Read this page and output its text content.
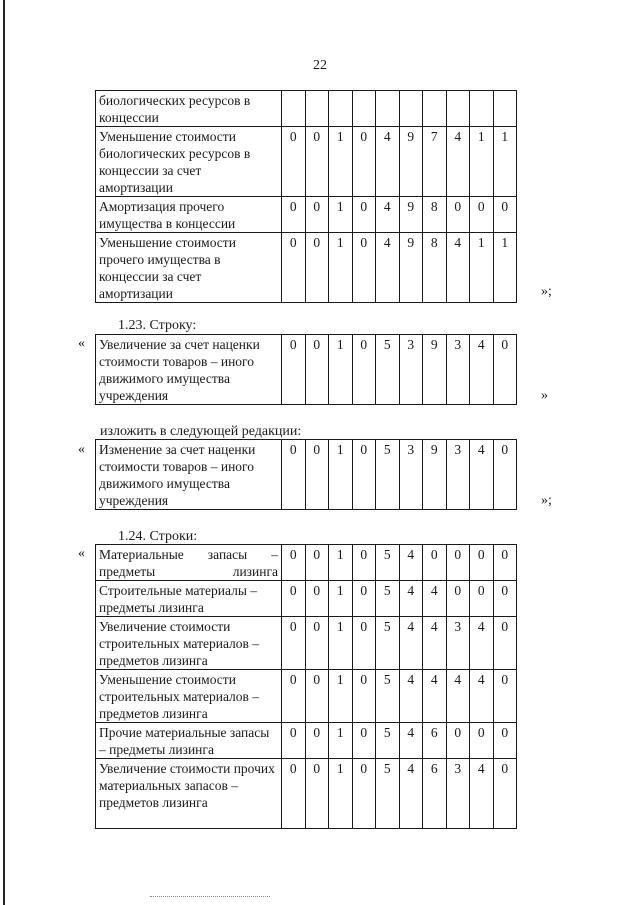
22
биологических ресурсов в концессии										
Уменьшение стоимости биологических ресурсов в концессии за счет амортизации	0	0	1	0	4	9	7	4	1	1
Амортизация прочего имущества в концессии	0	0	1	0	4	9	8	0	0	0
Уменьшение стоимости прочего имущества в концессии за счет амортизации	0	0	1	0	4	9	8	4	1	1
»;
1.23. Строку:
« Увеличение за счет наценки стоимости товаров – иного движимого имущества учреждения	0	0	1	0	5	3	9	3	4	0
»
изложить в следующей редакции:
« Изменение за счет наценки стоимости товаров – иного движимого имущества учреждения	0	0	1	0	5	3	9	3	4	0
»;
1.24. Строки:
« Материальные запасы – предметы лизинга	0	0	1	0	5	4	0	0	0	0
Строительные материалы – предметы лизинга	0	0	1	0	5	4	4	0	0	0
Увеличение стоимости строительных материалов – предметов лизинга	0	0	1	0	5	4	4	3	4	0
Уменьшение стоимости строительных материалов – предметов лизинга	0	0	1	0	5	4	4	4	4	0
Прочие материальные запасы – предметы лизинга	0	0	1	0	5	4	6	0	0	0
Увеличение стоимости прочих материальных запасов – предметов лизинга	0	0	1	0	5	4	6	3	4	0
